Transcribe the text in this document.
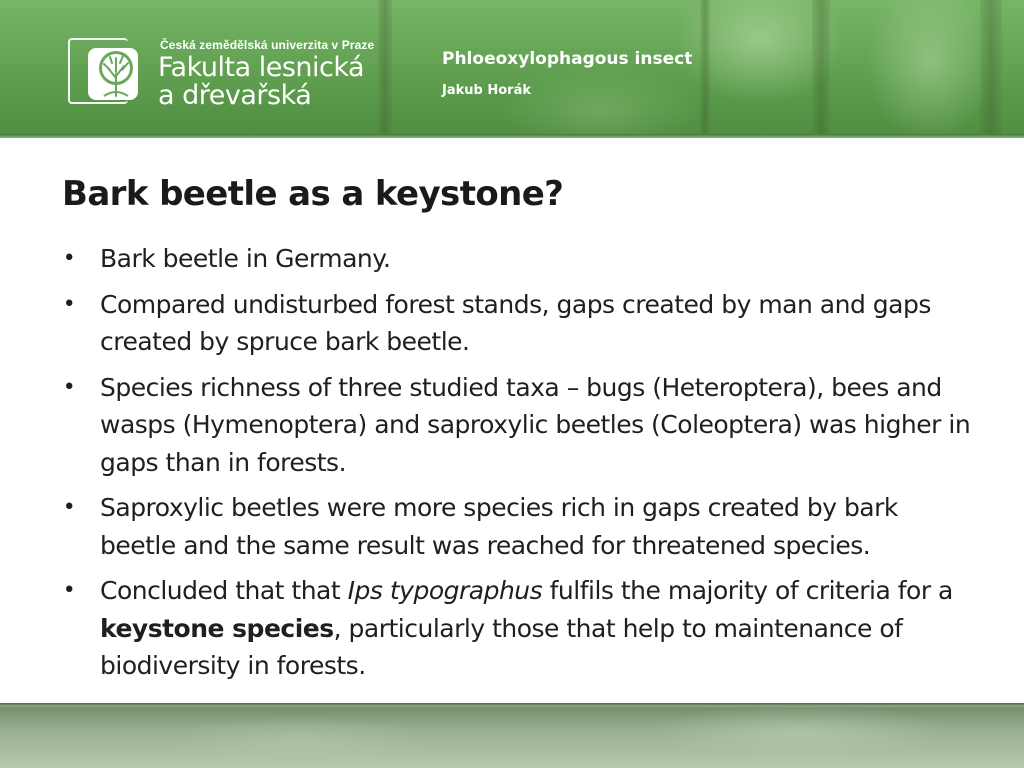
Česká zemědělská univerzita v Praze
Fakulta lesnická
a dřevařská
Phloeoxylophagous insect
Jakub Horák
Bark beetle as a keystone?
• Bark beetle in Germany.
• Compared undisturbed forest stands, gaps created by man and gaps created by spruce bark beetle.
• Species richness of three studied taxa – bugs (Heteroptera), bees and wasps (Hymenoptera) and saproxylic beetles (Coleoptera) was higher in gaps than in forests.
• Saproxylic beetles were more species rich in gaps created by bark beetle and the same result was reached for threatened species.
• Concluded that that Ips typographus fulfils the majority of criteria for a keystone species, particularly those that help to maintenance of biodiversity in forests.
